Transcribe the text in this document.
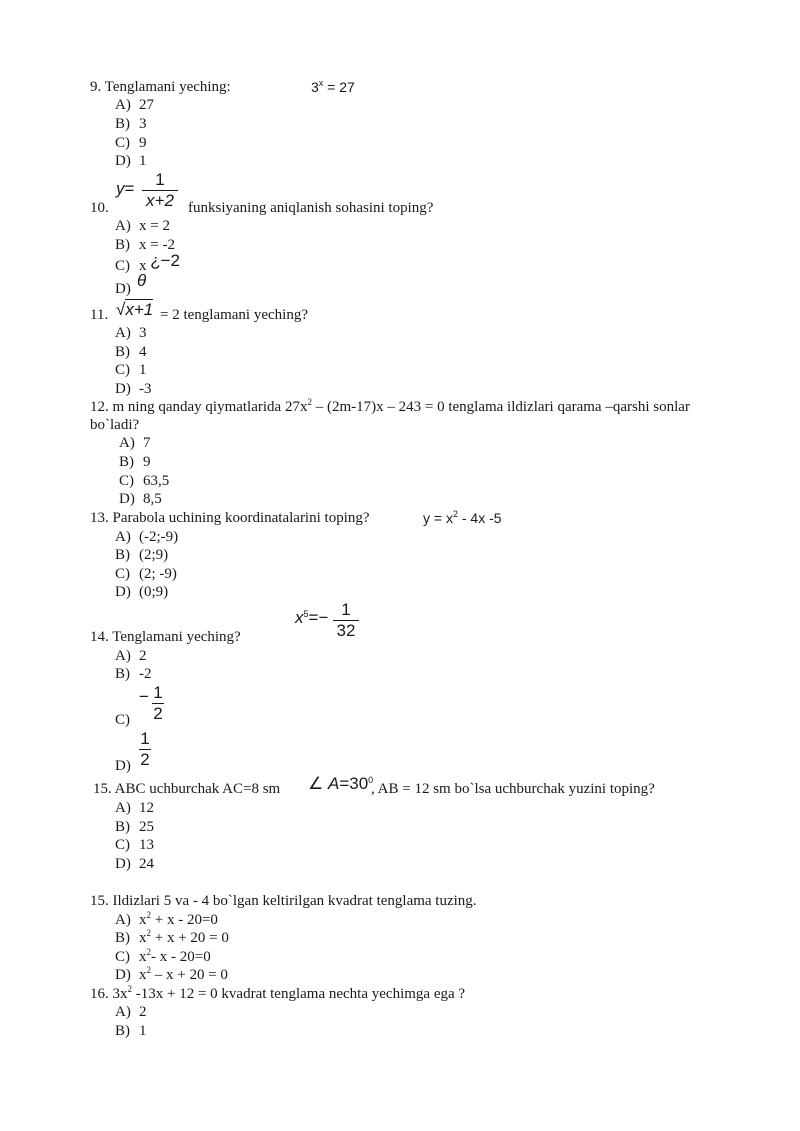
9. Tenglamani yeching:	$3^x = 27$
A) 27
B) 3
C) 9
D) 1
10.
y=	1
x+2 funksiyaning aniqlanish sohasini toping?
A) x = 2
B) x = -2
C) x ¿−2
D) θ
11. √x+1 = 2 tenglamani yeching?
A) 3
B) 4
C) 1
D) -3
12. m ning qanday qiymatlarida $27x^2 - (2m-17)x - 243 = 0$ tenglama ildizlari qarama –qarshi sonlar
bo`ladi?
A) 7
B) 9
C) 63,5
D) 8,5
13. Parabola uchining koordinatalarini toping?	$y = x^2 - 4x$ -5
A) (-2;-9)
B) (2;9)
C) (2; -9)
D) (0;9)
$x^5=- 1$
32
14. Tenglamani yeching?
A) 2
B) -2
C)
− 1
2
D)
1
2
15. ABC uchburchak AC=8 sm ∠ $A=30^0$
, AB = 12 sm bo`lsa uchburchak yuzini toping?
A) 12
B) 25
C) 13
D) 24
15. Ildizlari 5 va - 4 bo`lgan keltirilgan kvadrat tenglama tuzing.
A) $x^2 + x - 20=0$
B) $x^2 + x + 20 = 0$
C) $x^2-$ x - 20=0
D) $x^2 - x + 20 = 0$
16. $3x^2$ -13x + 12 = 0 kvadrat tenglama nechta yechimga ega ?
A) 2
B) 1
